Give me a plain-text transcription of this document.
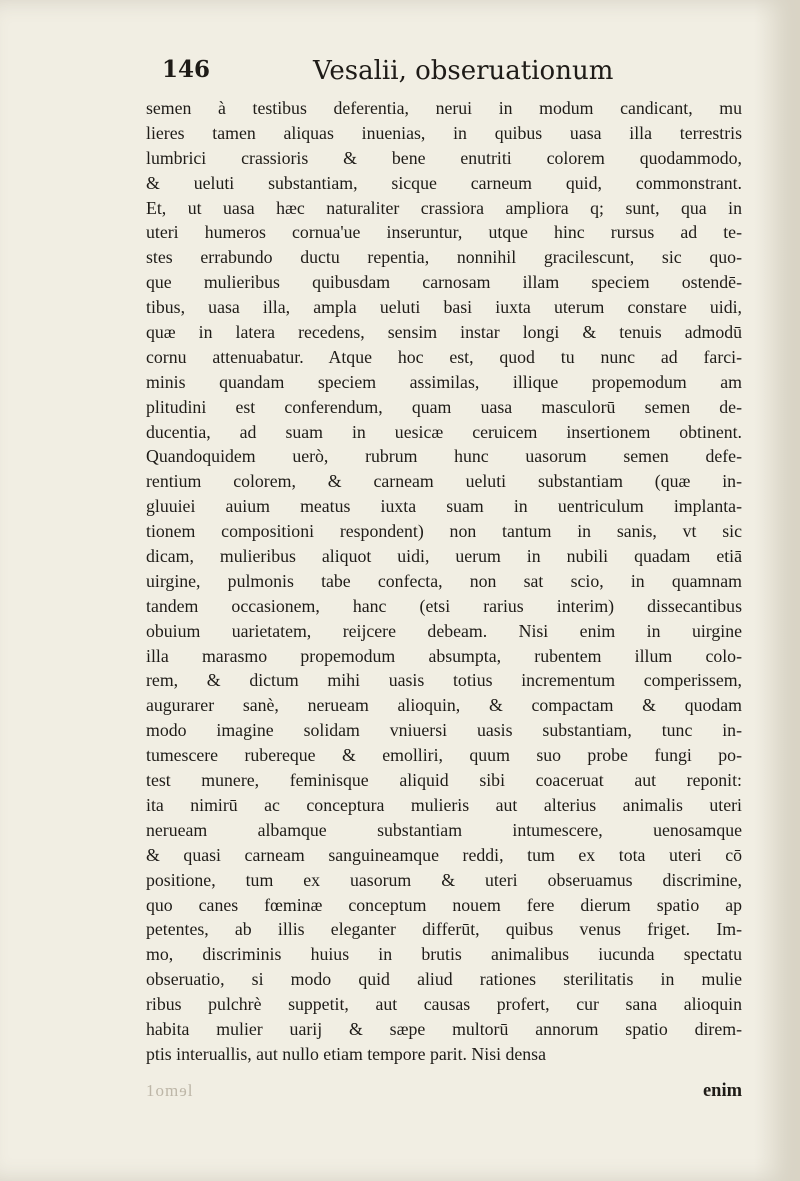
146	Vesalii, obseruationum
semen à testibus deferentia, nerui in modum candicant, mu
lieres tamen aliquas inuenias, in quibus uasa illa terrestris
lumbrici crassioris & bene enutriti colorem quodammodo,
& ueluti substantiam, sicque carneum quid, commonstrant.
Et, ut uasa hæc naturaliter crassiora ampliora q; sunt, qua in
uteri humeros cornua'ue inseruntur, utque hinc rursus ad te-
stes errabundo ductu repentia, nonnihil gracilescunt, sic quo-
que mulieribus quibusdam carnosam illam speciem ostendē-
tibus, uasa illa, ampla ueluti basi iuxta uterum constare uidi,
quæ in latera recedens, sensim instar longi & tenuis admodū
cornu attenuabatur. Atque hoc est, quod tu nunc ad farci-
minis quandam speciem assimilas, illique propemodum am
plitudini est conferendum, quam uasa masculorū semen de-
ducentia, ad suam in uesicæ ceruicem insertionem obtinent.
Quandoquidem uerò, rubrum hunc uasorum semen defe-
rentium colorem, & carneam ueluti substantiam (quæ in-
gluuiei auium meatus iuxta suam in uentriculum implanta-
tionem compositioni respondent) non tantum in sanis, vt sic
dicam, mulieribus aliquot uidi, uerum in nubili quadam etiā
uirgine, pulmonis tabe confecta, non sat scio, in quamnam
tandem occasionem, hanc (etsi rarius interim) dissecantibus
obuium uarietatem, reijcere debeam. Nisi enim in uirgine
illa marasmo propemodum absumpta, rubentem illum colo-
rem, & dictum mihi uasis totius incrementum comperissem,
augurarer sanè, nerueam alioquin, & compactam & quodam
modo imagine solidam vniuersi uasis substantiam, tunc in-
tumescere rubereque & emolliri, quum suo probe fungi po-
test munere, feminisque aliquid sibi coaceruat aut reponit:
ita nimirū ac conceptura mulieris aut alterius animalis uteri
nerueam albamque substantiam intumescere, uenosamque
& quasi carneam sanguineamque reddi, tum ex tota uteri cō
positione, tum ex uasorum & uteri obseruamus discrimine,
quo canes fœminæ conceptum nouem fere dierum spatio ap
petentes, ab illis eleganter differūt, quibus venus friget. Im-
mo, discriminis huius in brutis animalibus iucunda spectatu
obseruatio, si modo quid aliud rationes sterilitatis in mulie
ribus pulchrè suppetit, aut causas profert, cur sana alioquin
habita mulier uarij & sæpe multorū annorum spatio direm-
ptis interuallis, aut nullo etiam tempore parit. Nisi densa
1omɘl	enim
